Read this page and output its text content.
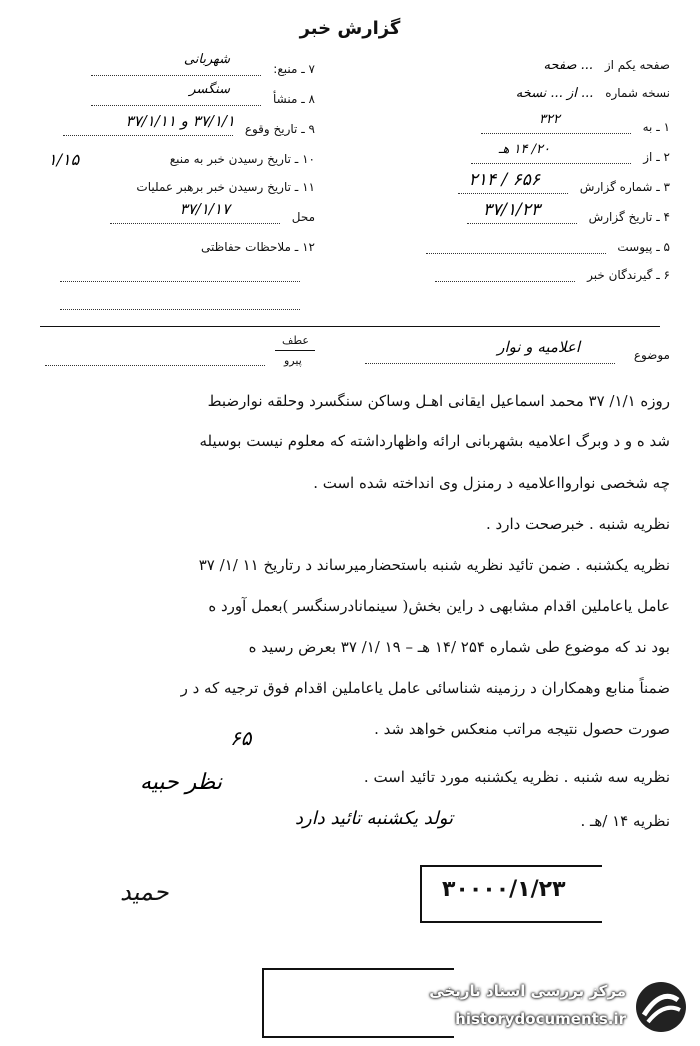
گزارش خبر
صفحه یکم از ... صفحه
نسخه شماره ... از ... نسخه
۱ ـ به
۳۲۲
۲ ـ از
۲۰/ ۱۴ هـ
۳ ـ شماره گزارش
۶۵۶ / ۲۱۴
۴ ـ تاریخ گزارش
۳۷/۱/۲۳
۵ ـ پیوست
۶ ـ گیرندگان خبر
۷ ـ منبع:
شهربانی
۸ ـ منشأ
سنگسر
۹ ـ تاریخ وقوع
۳۷/۱/۱ و ۳۷/۱/۱۱
۱۰ ـ تاریخ رسیدن خبر به منبع
۱/۱۵
۱۱ ـ تاریخ رسیدن خبر برهبر عملیات
محل
۳۷/۱/۱۷
۱۲ ـ ملاحظات حفاظتی
موضوع
اعلامیه و نوار
عطف
پیرو
روزه ۱/۱/ ۳۷ محمد اسماعیل ایقانی اهـل وساکن سنگسرد وحلقه نوارضبط
شد ه و د وبرگ اعلامیه بشهربانی ارائه واظهارداشته که معلوم نیست بوسیله
چه شخصی نواروااعلامیه د رمنزل وی انداخته شده است .
نظریه شنبه . خبرصحت دارد .
نظریه یکشنبه . ضمن تائید نظریه شنبه باستحضارمیرساند د رتاریخ ۱۱ /۱/ ۳۷
عامل یاعاملین اقدام مشابهی د راین بخش( سینمانادرسنگسر )بعمل آورد ه
بود ند که موضوع طی شماره ۲۵۴ /۱۴ هـ – ۱۹ /۱/ ۳۷ بعرض رسید ه
ضمناً منابع وهمکاران د رزمینه شناسائی عامل یاعاملین اقدام فوق ترجیه که د ر
صورت حصول نتیجه مراتب منعکس خواهد شد .
نظریه سه شنبه . نظریه یکشنبه مورد تائید است .
نظریه ۱۴ /هـ .
۶۵
نظر حبیه
تولد یکشنبه تائید دارد
حمید	۳۰۰۰۰/۱/۲۳
مرکز بررسی اسناد تاریخی
historydocuments.ir
